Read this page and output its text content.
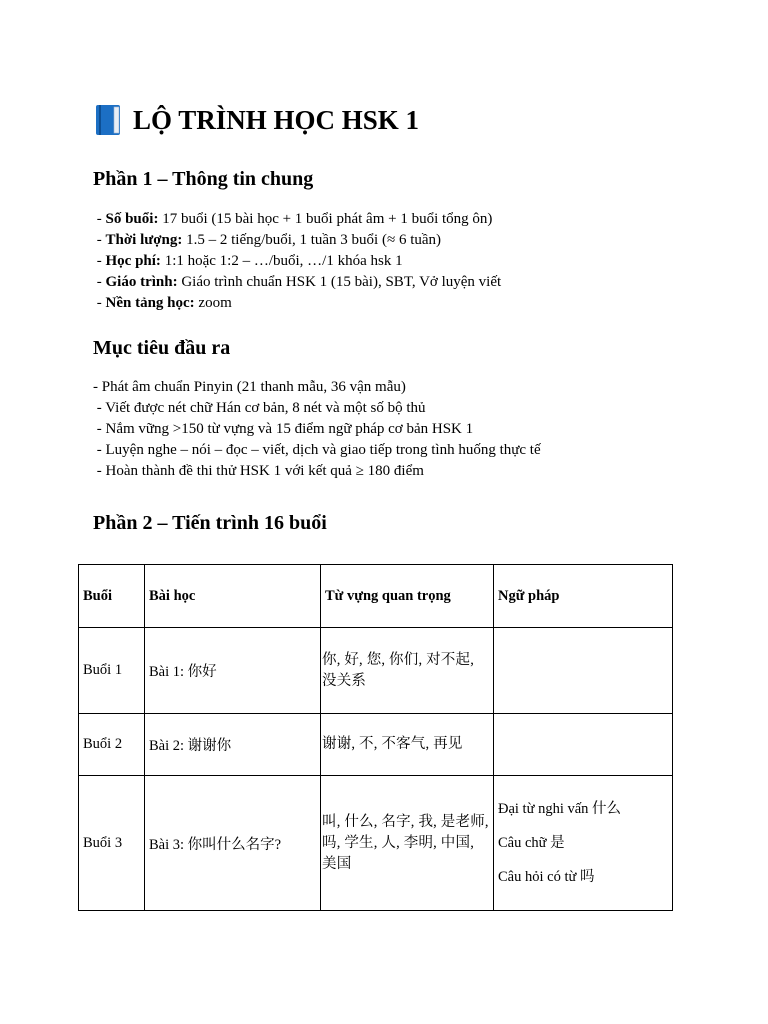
LỘ TRÌNH HỌC HSK 1
Phần 1 – Thông tin chung
- Số buổi: 17 buổi (15 bài học + 1 buổi phát âm + 1 buổi tổng ôn)
- Thời lượng: 1.5 – 2 tiếng/buổi, 1 tuần 3 buổi (≈ 6 tuần)
- Học phí: 1:1 hoặc 1:2 – …/buổi, …/1 khóa hsk 1
- Giáo trình: Giáo trình chuẩn HSK 1 (15 bài), SBT, Vở luyện viết
- Nền tảng học: zoom
Mục tiêu đầu ra
- Phát âm chuẩn Pinyin (21 thanh mẫu, 36 vận mẫu)
- Viết được nét chữ Hán cơ bản, 8 nét và một số bộ thủ
- Nắm vững >150 từ vựng và 15 điểm ngữ pháp cơ bản HSK 1
- Luyện nghe – nói – đọc – viết, dịch và giao tiếp trong tình huống thực tế
- Hoàn thành đề thi thử HSK 1 với kết quả ≥ 180 điểm
Phần 2 – Tiến trình 16 buổi
Buổi	Bài học	Từ vựng quan trọng	Ngữ pháp
Buổi 1	Bài 1: 你好	你, 好, 您, 你们, 对不起, 没关系	

Buổi 2	Bài 2: 谢谢你	谢谢, 不, 不客气, 再见	

Buổi 3	Bài 3: 你叫什么名字?	叫, 什么, 名字, 我, 是老师, 吗, 学生, 人, 李明, 中国, 美国	Đại từ nghi vấn 什么
Câu chữ 是
Câu hỏi có từ 吗
